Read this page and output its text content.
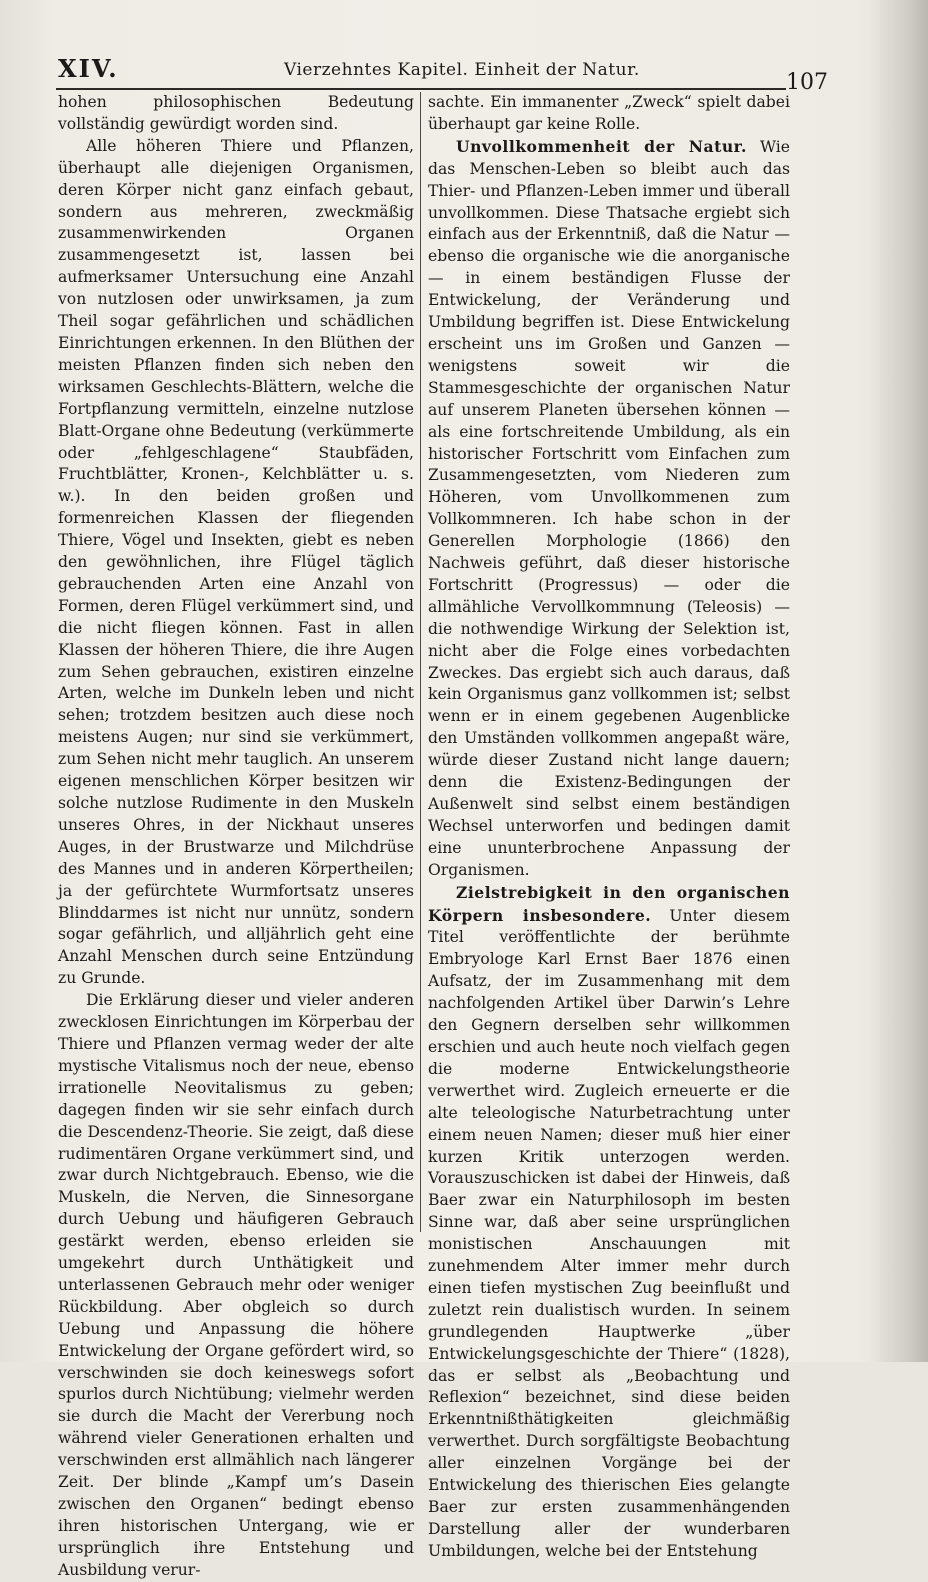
XIV.	Vierzehntes Kapitel. Einheit der Natur.	107

hohen philosophischen Bedeutung vollständig gewürdigt worden sind.

Alle höheren Thiere und Pflanzen, überhaupt alle diejenigen Organismen, deren Körper nicht ganz einfach gebaut, sondern aus mehreren, zweckmäßig zusammenwirkenden Organen zusammengesetzt ist, lassen bei aufmerksamer Untersuchung eine Anzahl von nutzlosen oder unwirksamen, ja zum Theil sogar gefährlichen und schädlichen Einrichtungen erkennen. In den Blüthen der meisten Pflanzen finden sich neben den wirksamen Geschlechts-Blättern, welche die Fortpflanzung vermitteln, einzelne nutzlose Blatt-Organe ohne Bedeutung (verkümmerte oder „fehlgeschlagene“ Staubfäden, Fruchtblätter, Kronen-, Kelchblätter u. s. w.). In den beiden großen und formenreichen Klassen der fliegenden Thiere, Vögel und Insekten, giebt es neben den gewöhnlichen, ihre Flügel täglich gebrauchenden Arten eine Anzahl von Formen, deren Flügel verkümmert sind, und die nicht fliegen können. Fast in allen Klassen der höheren Thiere, die ihre Augen zum Sehen gebrauchen, existiren einzelne Arten, welche im Dunkeln leben und nicht sehen; trotzdem besitzen auch diese noch meistens Augen; nur sind sie verkümmert, zum Sehen nicht mehr tauglich. An unserem eigenen menschlichen Körper besitzen wir solche nutzlose Rudimente in den Muskeln unseres Ohres, in der Nickhaut unseres Auges, in der Brustwarze und Milchdrüse des Mannes und in anderen Körpertheilen; ja der gefürchtete Wurmfortsatz unseres Blinddarmes ist nicht nur unnütz, sondern sogar gefährlich, und alljährlich geht eine Anzahl Menschen durch seine Entzündung zu Grunde.

Die Erklärung dieser und vieler anderen zwecklosen Einrichtungen im Körperbau der Thiere und Pflanzen vermag weder der alte mystische Vitalismus noch der neue, ebenso irrationelle Neovitalismus zu geben; dagegen finden wir sie sehr einfach durch die Descendenz-Theorie. Sie zeigt, daß diese rudimentären Organe verkümmert sind, und zwar durch Nichtgebrauch. Ebenso, wie die Muskeln, die Nerven, die Sinnesorgane durch Uebung und häufigeren Gebrauch gestärkt werden, ebenso erleiden sie umgekehrt durch Unthätigkeit und unterlassenen Gebrauch mehr oder weniger Rückbildung. Aber obgleich so durch Uebung und Anpassung die höhere Entwickelung der Organe gefördert wird, so verschwinden sie doch keineswegs sofort spurlos durch Nichtübung; vielmehr werden sie durch die Macht der Vererbung noch während vieler Generationen erhalten und verschwinden erst allmählich nach längerer Zeit. Der blinde „Kampf um’s Dasein zwischen den Organen“ bedingt ebenso ihren historischen Untergang, wie er ursprünglich ihre Entstehung und Ausbildung verur-

sachte. Ein immanenter „Zweck“ spielt dabei überhaupt gar keine Rolle.

Unvollkommenheit der Natur. Wie das Menschen-Leben so bleibt auch das Thier- und Pflanzen-Leben immer und überall unvollkommen. Diese Thatsache ergiebt sich einfach aus der Erkenntniß, daß die Natur — ebenso die organische wie die anorganische — in einem beständigen Flusse der Entwickelung, der Veränderung und Umbildung begriffen ist. Diese Entwickelung erscheint uns im Großen und Ganzen — wenigstens soweit wir die Stammesgeschichte der organischen Natur auf unserem Planeten übersehen können — als eine fortschreitende Umbildung, als ein historischer Fortschritt vom Einfachen zum Zusammengesetzten, vom Niederen zum Höheren, vom Unvollkommenen zum Vollkommneren. Ich habe schon in der Generellen Morphologie (1866) den Nachweis geführt, daß dieser historische Fortschritt (Progressus) — oder die allmähliche Vervollkommnung (Teleosis) — die nothwendige Wirkung der Selektion ist, nicht aber die Folge eines vorbedachten Zweckes. Das ergiebt sich auch daraus, daß kein Organismus ganz vollkommen ist; selbst wenn er in einem gegebenen Augenblicke den Umständen vollkommen angepaßt wäre, würde dieser Zustand nicht lange dauern; denn die Existenz-Bedingungen der Außenwelt sind selbst einem beständigen Wechsel unterworfen und bedingen damit eine ununterbrochene Anpassung der Organismen.

Zielstrebigkeit in den organischen Körpern insbesondere. Unter diesem Titel veröffentlichte der berühmte Embryologe Karl Ernst Baer 1876 einen Aufsatz, der im Zusammenhang mit dem nachfolgenden Artikel über Darwin’s Lehre den Gegnern derselben sehr willkommen erschien und auch heute noch vielfach gegen die moderne Entwickelungstheorie verwerthet wird. Zugleich erneuerte er die alte teleologische Naturbetrachtung unter einem neuen Namen; dieser muß hier einer kurzen Kritik unterzogen werden. Vorauszuschicken ist dabei der Hinweis, daß Baer zwar ein Naturphilosoph im besten Sinne war, daß aber seine ursprünglichen monistischen Anschauungen mit zunehmendem Alter immer mehr durch einen tiefen mystischen Zug beeinflußt und zuletzt rein dualistisch wurden. In seinem grundlegenden Hauptwerke „über Entwickelungsgeschichte der Thiere“ (1828), das er selbst als „Beobachtung und Reflexion“ bezeichnet, sind diese beiden Erkenntnißthätigkeiten gleichmäßig verwerthet. Durch sorgfältigste Beobachtung aller einzelnen Vorgänge bei der Entwickelung des thierischen Eies gelangte Baer zur ersten zusammenhängenden Darstellung aller der wunderbaren Umbildungen, welche bei der Entstehung
